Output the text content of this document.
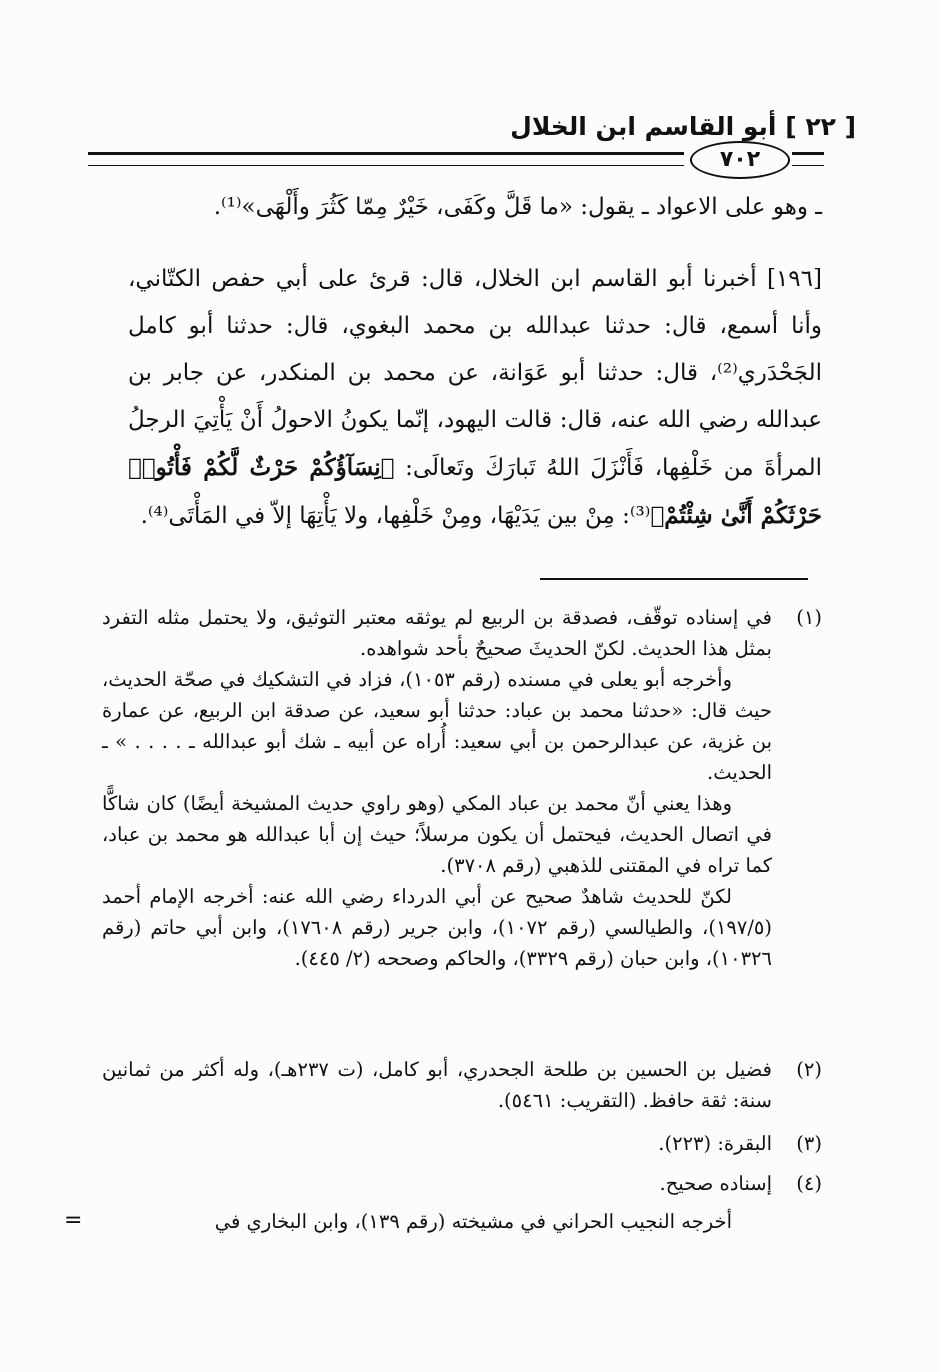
[ ٢٢ ] أبو القاسم ابن الخلال
٧٠٢
ـ وهو على الاعواد ـ يقول: «ما قَلَّ وكَفَى، خَيْرٌ مِمّا كَثُرَ وأَلْهَى»⁽¹⁾.
[١٩٦] أخبرنا أبو القاسم ابن الخلال، قال: قرئ على أبي حفص الكتّاني، وأنا أسمع، قال: حدثنا عبدالله بن محمد البغوي، قال: حدثنا أبو كامل الجَحْدَري⁽²⁾، قال: حدثنا أبو عَوَانة، عن محمد بن المنكدر، عن جابر بن عبدالله رضي الله عنه، قال: قالت اليهود، إنّما يكونُ الاحولُ أَنْ يَأْتِيَ الرجلُ المرأةَ من خَلْفِها، فَأَنْزَلَ اللهُ تَبارَكَ وتَعالَى: ﴿نِسَآؤُكُمْ حَرْثٌ لَّكُمْ فَأْتُوا۟ حَرْثَكُمْ أَنَّىٰ شِئْتُمْ﴾⁽³⁾: مِنْ بين يَدَيْهَا، ومِنْ خَلْفِها، ولا يَأْتِهَا إلاّ في المَأْتَى⁽⁴⁾.
(١)
في إسناده توقّف، فصدقة بن الربيع لم يوثقه معتبر التوثيق، ولا يحتمل مثله التفرد بمثل هذا الحديث. لكنّ الحديثَ صحيحٌ بأحد شواهده.
وأخرجه أبو يعلى في مسنده (رقم ١٠٥٣)، فزاد في التشكيك في صحّة الحديث، حيث قال: «حدثنا محمد بن عباد: حدثنا أبو سعيد، عن صدقة ابن الربيع، عن عمارة بن غزية، عن عبدالرحمن بن أبي سعيد: أُراه عن أبيه ـ شك أبو عبدالله ـ . . . . » ـ الحديث.
وهذا يعني أنّ محمد بن عباد المكي (وهو راوي حديث المشيخة أيضًا) كان شاكًّا في اتصال الحديث، فيحتمل أن يكون مرسلاً؛ حيث إن أبا عبدالله هو محمد بن عباد، كما تراه في المقتنى للذهبي (رقم ٣٧٠٨).
لكنّ للحديث شاهدٌ صحيح عن أبي الدرداء رضي الله عنه: أخرجه الإمام أحمد (١٩٧/٥)، والطيالسي (رقم ١٠٧٢)، وابن جرير (رقم ١٧٦٠٨)، وابن أبي حاتم (رقم ١٠٣٢٦)، وابن حبان (رقم ٣٣٢٩)، والحاكم وصححه (٢/ ٤٤٥).
(٢)
فضيل بن الحسين بن طلحة الجحدري، أبو كامل، (ت ٢٣٧هـ)، وله أكثر من ثمانين سنة: ثقة حافظ. (التقريب: ٥٤٦١).
(٣)
البقرة: (٢٢٣).
(٤)
إسناده صحيح.
أخرجه النجيب الحراني في مشيخته (رقم ١٣٩)، وابن البخاري في
=
